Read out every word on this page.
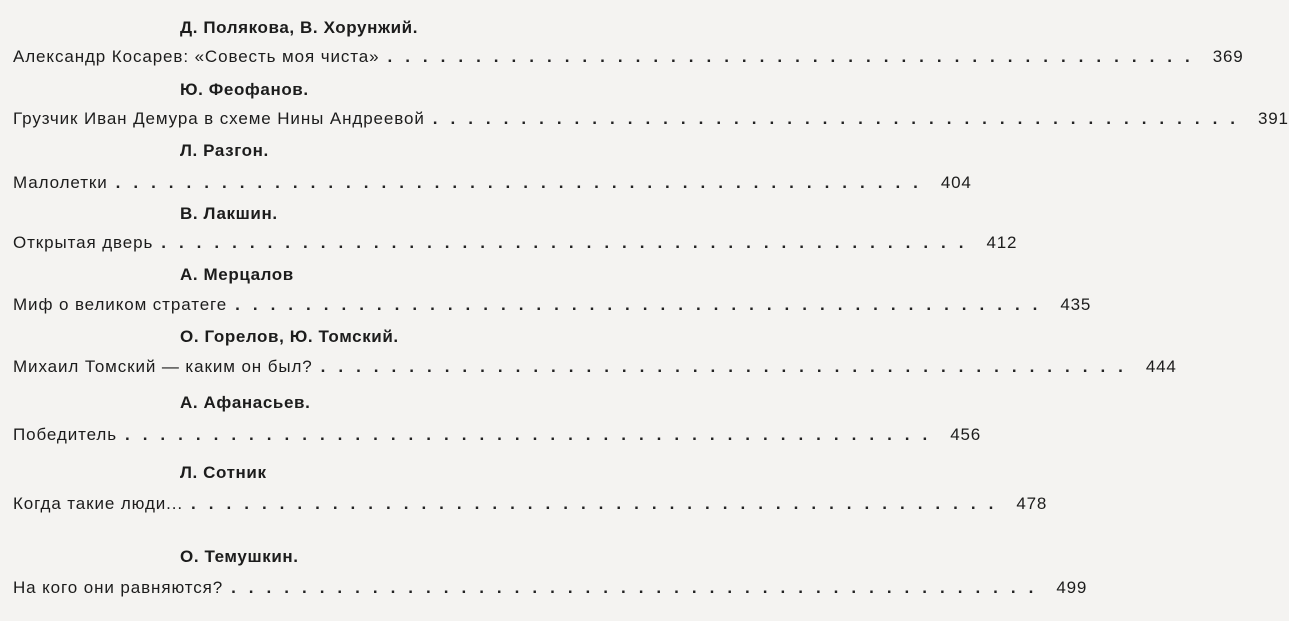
Д. Полякова, В. Хорунжий.
Александр Косарев: «Совесть моя чиста» .............................................. 369
Ю. Феофанов.
Грузчик Иван Демура в схеме Нины Андреевой .............................................. 391
Л. Разгон.
Малолетки .............................................. 404
В. Лакшин.
Открытая дверь .............................................. 412
А. Мерцалов
Миф о великом стратеге .............................................. 435
О. Горелов, Ю. Томский.
Михаил Томский — каким он был? .............................................. 444
А. Афанасьев.
Победитель .............................................. 456
Л. Сотник
Когда такие люди... .............................................. 478
О. Темушкин.
На кого они равняются? .............................................. 499
